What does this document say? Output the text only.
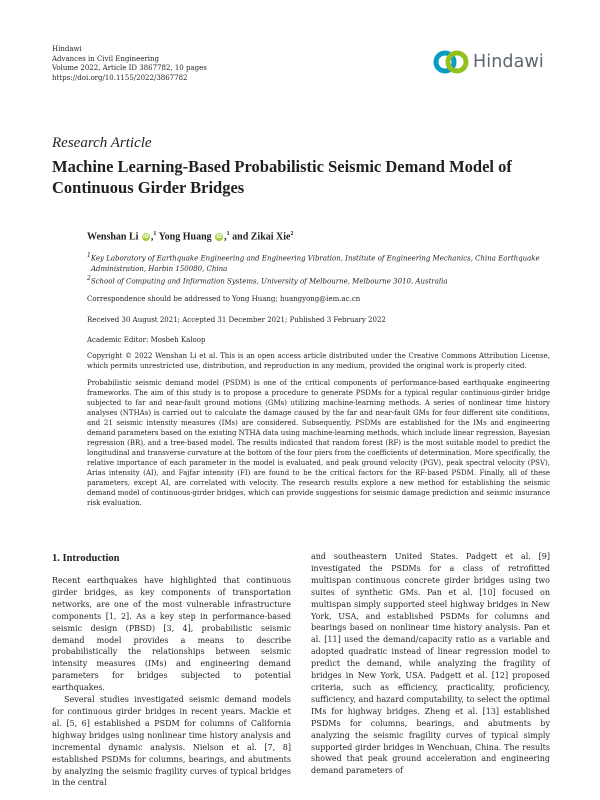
Hindawi
Advances in Civil Engineering
Volume 2022, Article ID 3867782, 10 pages
https://doi.org/10.1155/2022/3867782
Hindawi
Research Article
Machine Learning-Based Probabilistic Seismic Demand Model of Continuous Girder Bridges
Wenshan Li iD ,$^1$ Yong Huang iD ,$^1$ and Zikai Xie$^2$
$^1$Key Laboratory of Earthquake Engineering and Engineering Vibration, Institute of Engineering Mechanics, China Earthquake Administration, Harbin 150080, China
$^2$School of Computing and Information Systems, University of Melbourne, Melbourne 3010, Australia
Correspondence should be addressed to Yong Huang; huangyong@iem.ac.cn
Received 30 August 2021; Accepted 31 December 2021; Published 3 February 2022
Academic Editor: Mosbeh Kaloop
Copyright © 2022 Wenshan Li et al. This is an open access article distributed under the Creative Commons Attribution License, which permits unrestricted use, distribution, and reproduction in any medium, provided the original work is properly cited.
Probabilistic seismic demand model (PSDM) is one of the critical components of performance-based earthquake engineering frameworks. The aim of this study is to propose a procedure to generate PSDMs for a typical regular continuous-girder bridge subjected to far and near-fault ground motions (GMs) utilizing machine-learning methods. A series of nonlinear time history analyses (NTHAs) is carried out to calculate the damage caused by the far and near-fault GMs for four different site conditions, and 21 seismic intensity measures (IMs) are considered. Subsequently, PSDMs are established for the IMs and engineering demand parameters based on the existing NTHA data using machine-learning methods, which include linear regression, Bayesian regression (BR), and a tree-based model. The results indicated that random forest (RF) is the most suitable model to predict the longitudinal and transverse curvature at the bottom of the four piers from the coefficients of determination. More specifically, the relative importance of each parameter in the model is evaluated, and peak ground velocity (PGV), peak spectral velocity (PSV), Arias intensity (AI), and Fajfar intensity (FI) are found to be the critical factors for the RF-based PSDM. Finally, all of these parameters, except AI, are correlated with velocity. The research results explore a new method for establishing the seismic demand model of continuous-girder bridges, which can provide suggestions for seismic damage prediction and seismic insurance risk evaluation.
1. Introduction

Recent earthquakes have highlighted that continuous girder bridges, as key components of transportation networks, are one of the most vulnerable infrastructure components [1, 2]. As a key step in performance-based seismic design (PBSD) [3, 4], probabilistic seismic demand model provides a means to describe probabilistically the relationships between seismic intensity measures (IMs) and engineering demand parameters for bridges subjected to potential earthquakes.

Several studies investigated seismic demand models for continuous girder bridges in recent years. Mackie et al. [5, 6] established a PSDM for columns of California highway bridges using nonlinear time history analysis and incremental dynamic analysis. Nielson et al. [7, 8] established PSDMs for columns, bearings, and abutments by analyzing the seismic fragility curves of typical bridges in the central

and southeastern United States. Padgett et al. [9] investigated the PSDMs for a class of retrofitted multispan continuous concrete girder bridges using two suites of synthetic GMs. Pan et al. [10] focused on multispan simply supported steel highway bridges in New York, USA, and established PSDMs for columns and bearings based on nonlinear time history analysis. Pan et al. [11] used the demand/capacity ratio as a variable and adopted quadratic instead of linear regression model to predict the demand, while analyzing the fragility of bridges in New York, USA. Padgett et al. [12] proposed criteria, such as efficiency, practicality, proficiency, sufficiency, and hazard computability, to select the optimal IMs for highway bridges. Zheng et al. [13] established PSDMs for columns, bearings, and abutments by analyzing the seismic fragility curves of typical simply supported girder bridges in Wenchuan, China. The results showed that peak ground acceleration and engineering demand parameters of
